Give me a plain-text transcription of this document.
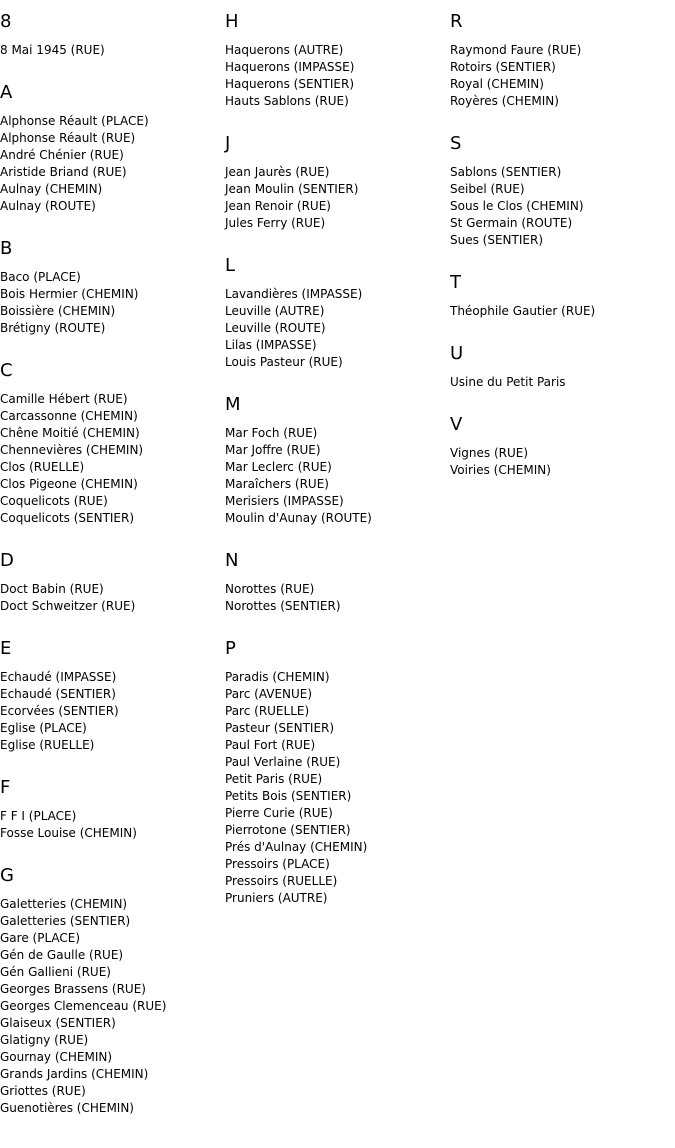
8
8 Mai 1945 (RUE)
A
Alphonse Réault (PLACE)
Alphonse Réault (RUE)
André Chénier (RUE)
Aristide Briand (RUE)
Aulnay (CHEMIN)
Aulnay (ROUTE)
B
Baco (PLACE)
Bois Hermier (CHEMIN)
Boissière (CHEMIN)
Brétigny (ROUTE)
C
Camille Hébert (RUE)
Carcassonne (CHEMIN)
Chêne Moitié (CHEMIN)
Chennevières (CHEMIN)
Clos (RUELLE)
Clos Pigeone (CHEMIN)
Coquelicots (RUE)
Coquelicots (SENTIER)
D
Doct Babin (RUE)
Doct Schweitzer (RUE)
E
Echaudé (IMPASSE)
Echaudé (SENTIER)
Ecorvées (SENTIER)
Eglise (PLACE)
Eglise (RUELLE)
F
F F I (PLACE)
Fosse Louise (CHEMIN)
G
Galetteries (CHEMIN)
Galetteries (SENTIER)
Gare (PLACE)
Gén de Gaulle (RUE)
Gén Gallieni (RUE)
Georges Brassens (RUE)
Georges Clemenceau (RUE)
Glaiseux (SENTIER)
Glatigny (RUE)
Gournay (CHEMIN)
Grands Jardins (CHEMIN)
Griottes (RUE)
Guenotières (CHEMIN)
H
Haquerons (AUTRE)
Haquerons (IMPASSE)
Haquerons (SENTIER)
Hauts Sablons (RUE)
J
Jean Jaurès (RUE)
Jean Moulin (SENTIER)
Jean Renoir (RUE)
Jules Ferry (RUE)
L
Lavandières (IMPASSE)
Leuville (AUTRE)
Leuville (ROUTE)
Lilas (IMPASSE)
Louis Pasteur (RUE)
M
Mar Foch (RUE)
Mar Joffre (RUE)
Mar Leclerc (RUE)
Maraîchers (RUE)
Merisiers (IMPASSE)
Moulin d'Aunay (ROUTE)
N
Norottes (RUE)
Norottes (SENTIER)
P
Paradis (CHEMIN)
Parc (AVENUE)
Parc (RUELLE)
Pasteur (SENTIER)
Paul Fort (RUE)
Paul Verlaine (RUE)
Petit Paris (RUE)
Petits Bois (SENTIER)
Pierre Curie (RUE)
Pierrotone (SENTIER)
Prés d'Aulnay (CHEMIN)
Pressoirs (PLACE)
Pressoirs (RUELLE)
Pruniers (AUTRE)
R
Raymond Faure (RUE)
Rotoirs (SENTIER)
Royal (CHEMIN)
Royères (CHEMIN)
S
Sablons (SENTIER)
Seibel (RUE)
Sous le Clos (CHEMIN)
St Germain (ROUTE)
Sues (SENTIER)
T
Théophile Gautier (RUE)
U
Usine du Petit Paris
V
Vignes (RUE)
Voiries (CHEMIN)
